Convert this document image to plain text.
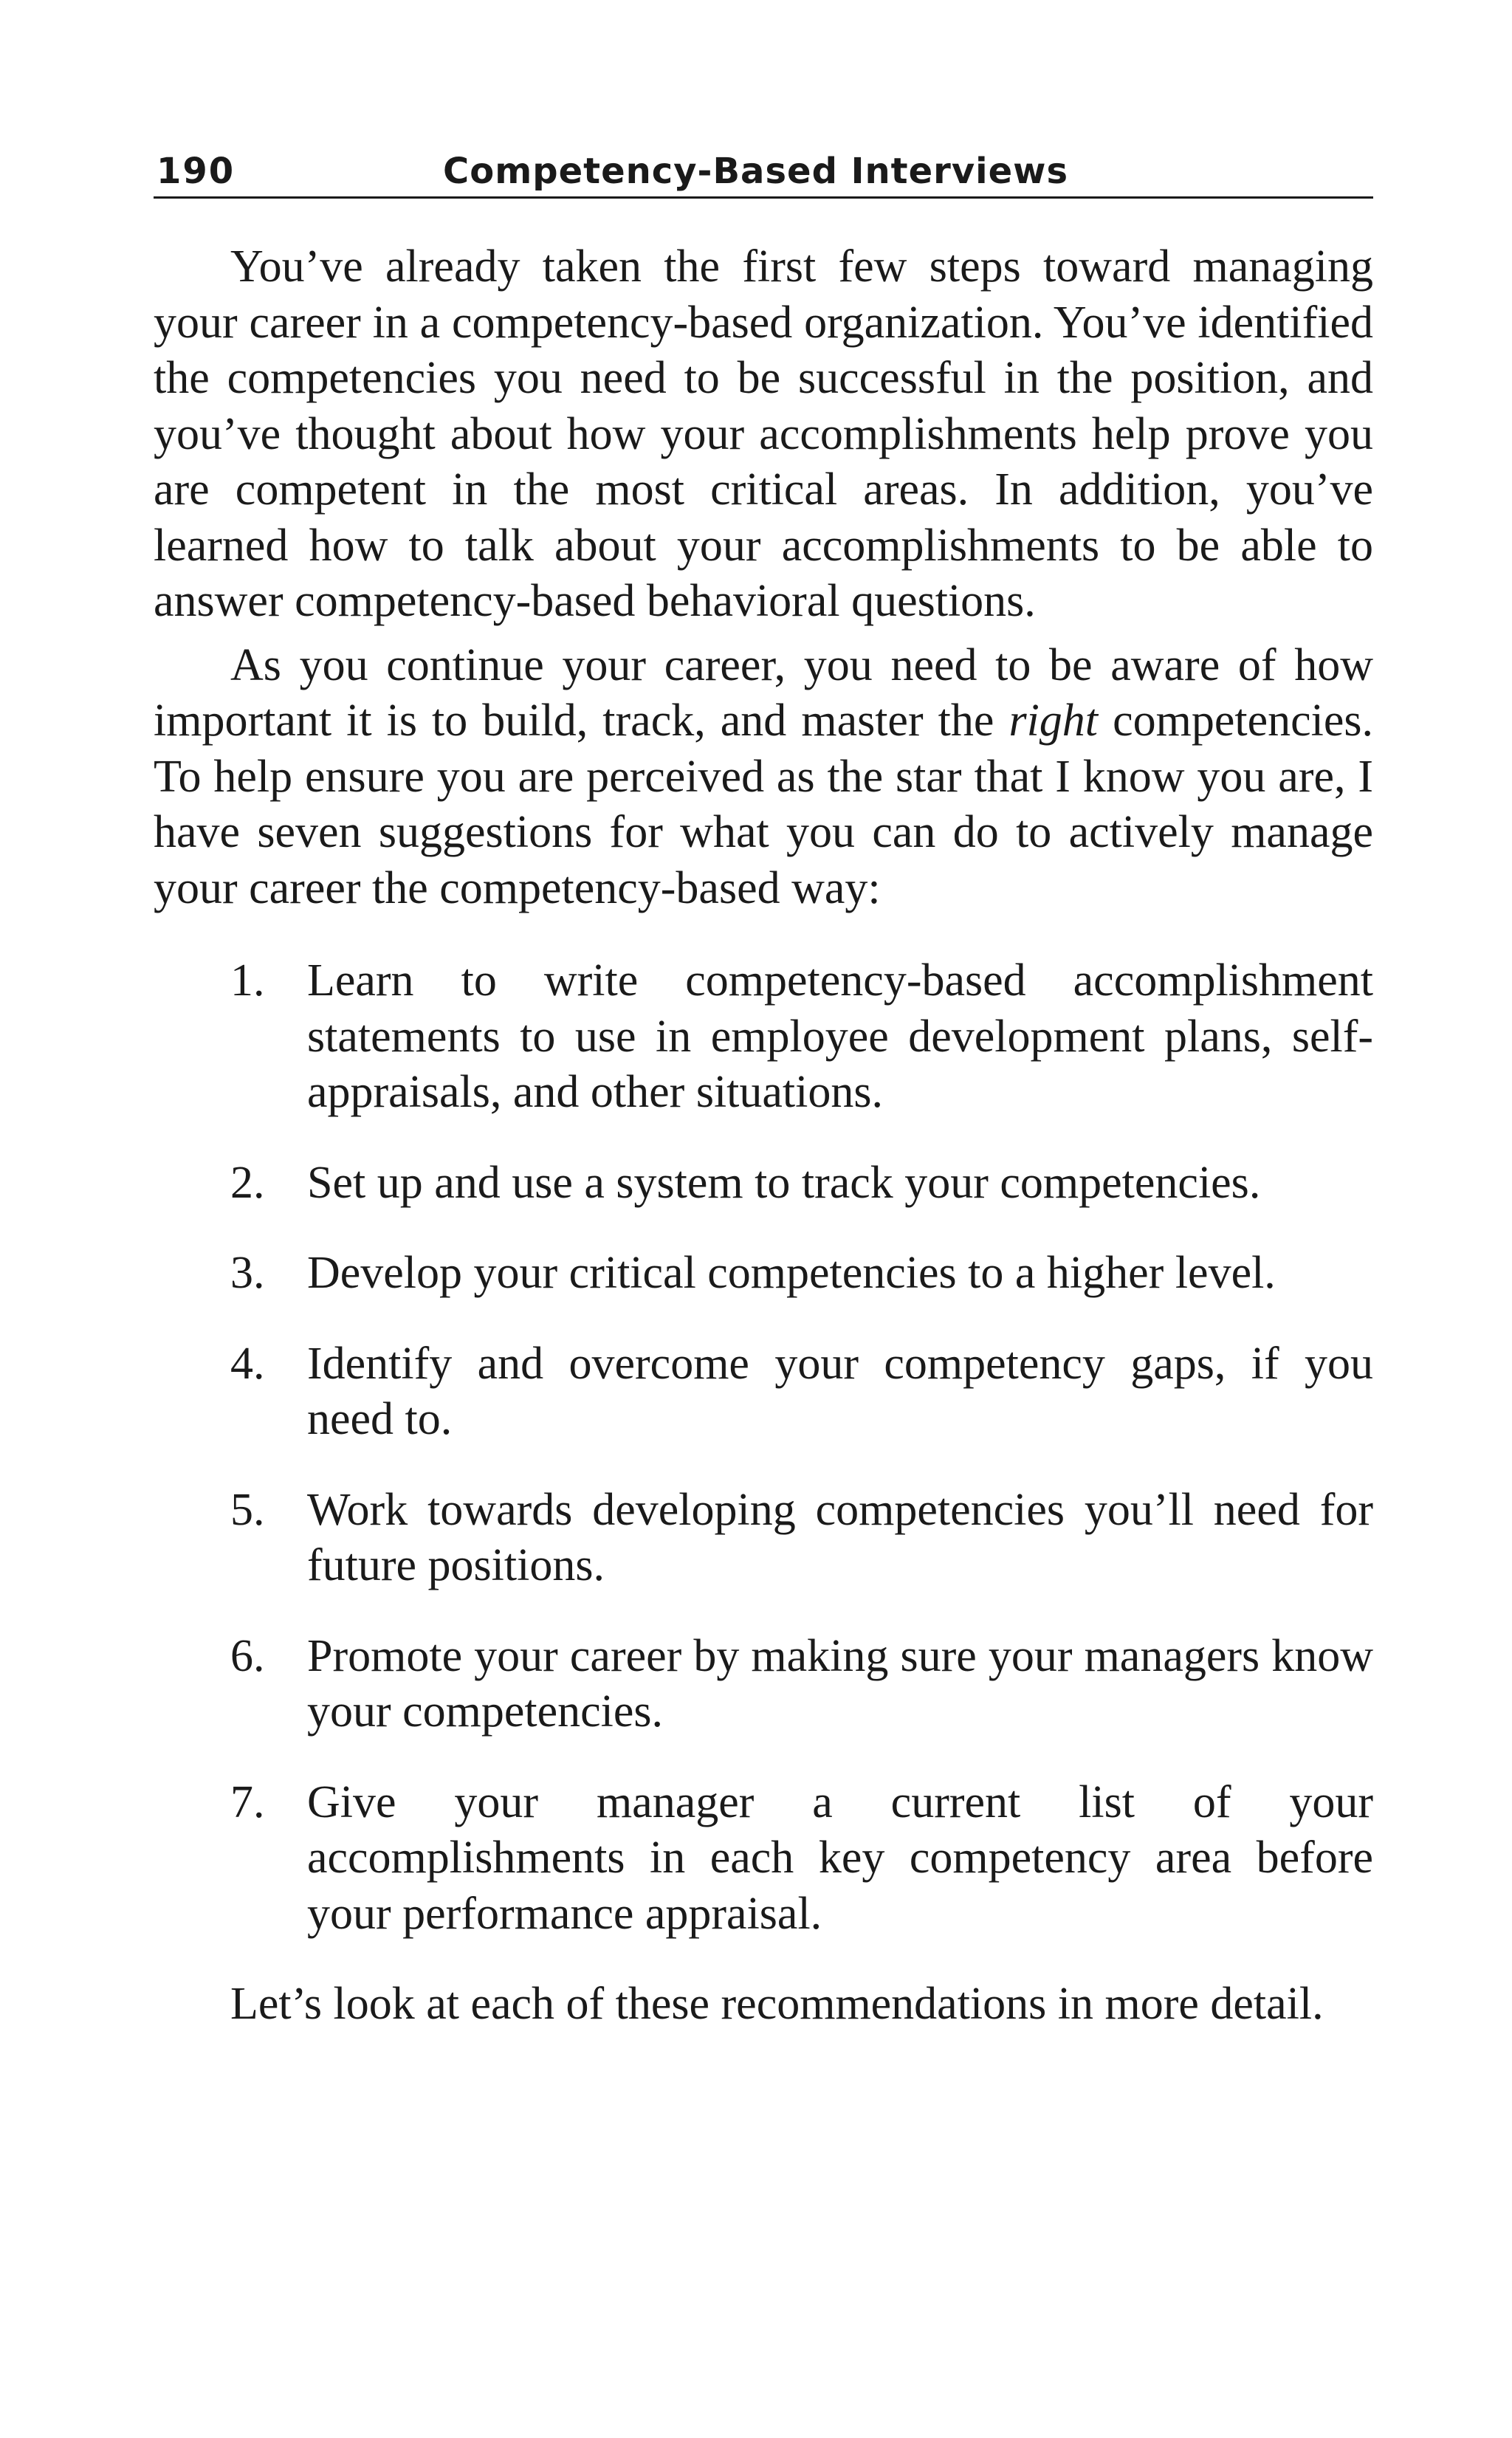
190	Competency-Based Interviews

You’ve already taken the first few steps toward managing your career in a competency-based organization. You’ve identified the competencies you need to be successful in the position, and you’ve thought about how your accomplishments help prove you are competent in the most critical areas. In addition, you’ve learned how to talk about your accomplishments to be able to answer competency-based behavioral questions.

As you continue your career, you need to be aware of how important it is to build, track, and master the right competencies. To help ensure you are perceived as the star that I know you are, I have seven suggestions for what you can do to actively manage your career the competency-based way:

1. Learn to write competency-based accomplishment statements to use in employee development plans, self-appraisals, and other situations.
2. Set up and use a system to track your competencies.
3. Develop your critical competencies to a higher level.
4. Identify and overcome your competency gaps, if you need to.
5. Work towards developing competencies you’ll need for future positions.
6. Promote your career by making sure your managers know your competencies.
7. Give your manager a current list of your accomplishments in each key competency area before your performance appraisal.

Let’s look at each of these recommendations in more detail.
